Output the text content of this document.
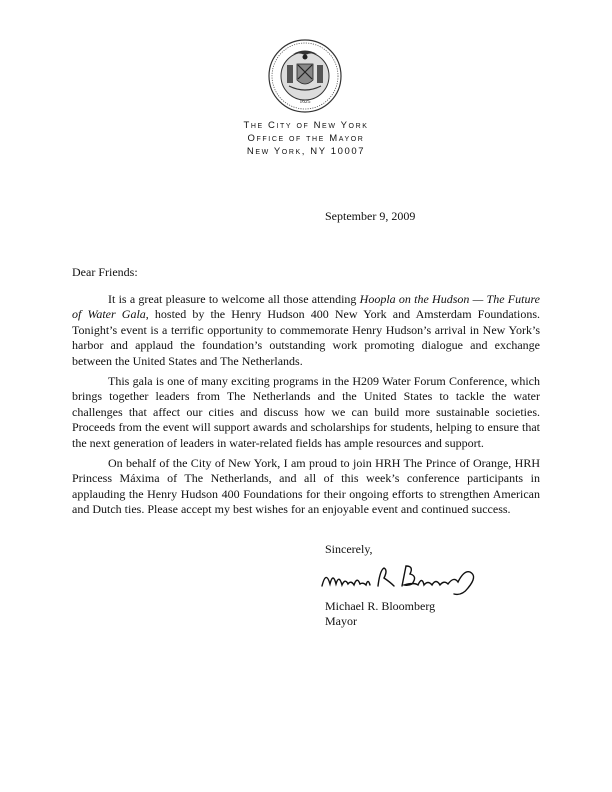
1625
The City of New York
Office of the Mayor
New York, NY 10007
September 9, 2009
Dear Friends:

It is a great pleasure to welcome all those attending Hoopla on the Hudson — The Future of Water Gala, hosted by the Henry Hudson 400 New York and Amsterdam Foundations. Tonight’s event is a terrific opportunity to commemorate Henry Hudson’s arrival in New York’s harbor and applaud the foundation’s outstanding work promoting dialogue and exchange between the United States and The Netherlands.

This gala is one of many exciting programs in the H209 Water Forum Conference, which brings together leaders from The Netherlands and the United States to tackle the water challenges that affect our cities and discuss how we can build more sustainable societies. Proceeds from the event will support awards and scholarships for students, helping to ensure that the next generation of leaders in water-related fields has ample resources and support.

On behalf of the City of New York, I am proud to join HRH The Prince of Orange, HRH Princess Máxima of The Netherlands, and all of this week’s conference participants in applauding the Henry Hudson 400 Foundations for their ongoing efforts to strengthen American and Dutch ties. Please accept my best wishes for an enjoyable event and continued success.

Sincerely,
Michael R. Bloomberg
Mayor
